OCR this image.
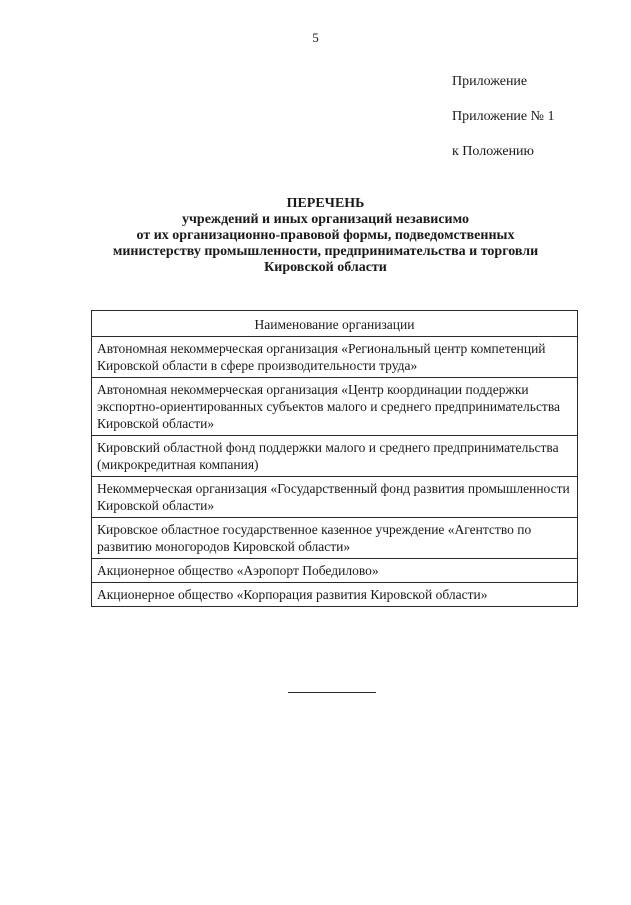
5
Приложение
Приложение № 1
к Положению
ПЕРЕЧЕНЬ
учреждений и иных организаций независимо
от их организационно-правовой формы, подведомственных
министерству промышленности, предпринимательства и торговли
Кировской области
Наименование организации
Автономная некоммерческая организация «Региональный центр компетенций Кировской области в сфере производительности труда»
Автономная некоммерческая организация «Центр координации поддержки экспортно-ориентированных субъектов малого и среднего предпринимательства Кировской области»
Кировский областной фонд поддержки малого и среднего предпринимательства (микрокредитная компания)
Некоммерческая организация «Государственный фонд развития промышленности Кировской области»
Кировское областное государственное казенное учреждение «Агентство по развитию моногородов Кировской области»
Акционерное общество «Аэропорт Победилово»
Акционерное общество «Корпорация развития Кировской области»
